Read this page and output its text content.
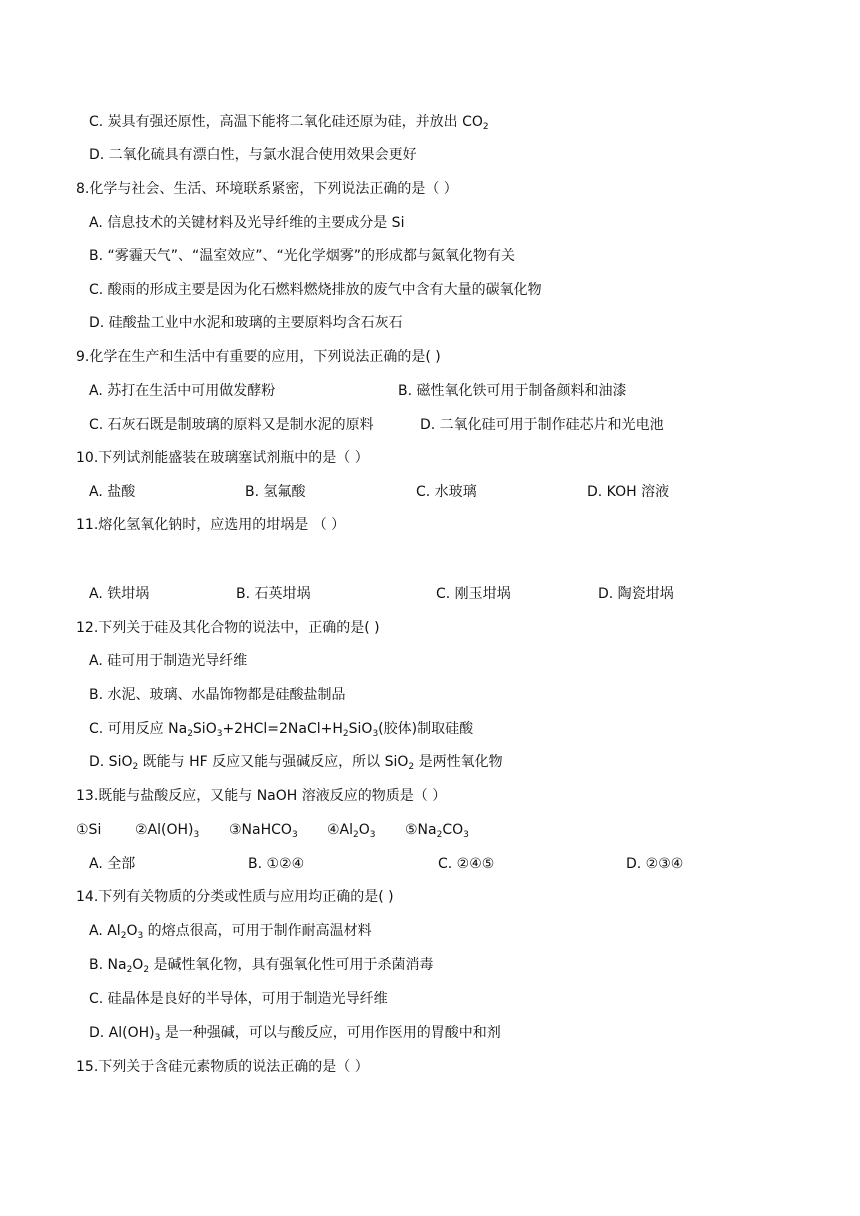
C. 炭具有强还原性，高温下能将二氧化硅还原为硅，并放出 $CO_2$
D. 二氧化硫具有漂白性，与氯水混合使用效果会更好
8.化学与社会、生活、环境联系紧密，下列说法正确的是（ ）
A. 信息技术的关键材料及光导纤维的主要成分是 Si
B. “雾霾天气”、“温室效应”、“光化学烟雾”的形成都与氮氧化物有关
C. 酸雨的形成主要是因为化石燃料燃烧排放的废气中含有大量的碳氧化物
D. 硅酸盐工业中水泥和玻璃的主要原料均含石灰石
9.化学在生产和生活中有重要的应用，下列说法正确的是( )
A. 苏打在生活中可用做发酵粉	B. 磁性氧化铁可用于制备颜料和油漆
C. 石灰石既是制玻璃的原料又是制水泥的原料	D. 二氧化硅可用于制作硅芯片和光电池
10.下列试剂能盛装在玻璃塞试剂瓶中的是（ ）
A. 盐酸	B. 氢氟酸	C. 水玻璃	D. KOH 溶液
11.熔化氢氧化钠时，应选用的坩埚是 （ ）
A. 铁坩埚	B. 石英坩埚	C. 刚玉坩埚	D. 陶瓷坩埚
12.下列关于硅及其化合物的说法中，正确的是( )
A. 硅可用于制造光导纤维
B. 水泥、玻璃、水晶饰物都是硅酸盐制品
C. 可用反应 $Na_2SiO_3+2HCl=2NaCl+H_2SiO_3$(胶体)制取硅酸
D. SiO$_2$ 既能与 HF 反应又能与强碱反应，所以 SiO$_2$ 是两性氧化物
13.既能与盐酸反应，又能与 NaOH 溶液反应的物质是（ ）
①Si $②Al(OH)_3$ ③NaHCO$_3$ $④Al_2O_3$ $⑤Na_2CO_3$
A. 全部	B. ①②④	C. ②④⑤	D. ②③④
14.下列有关物质的分类或性质与应用均正确的是( )
A. $Al_2O_3$ 的熔点很高，可用于制作耐高温材料
B. $Na_2O_2$ 是碱性氧化物，具有强氧化性可用于杀菌消毒
C. 硅晶体是良好的半导体，可用于制造光导纤维
D. $Al(OH)_3$ 是一种强碱，可以与酸反应，可用作医用的胃酸中和剂
15.下列关于含硅元素物质的说法正确的是（ ）
